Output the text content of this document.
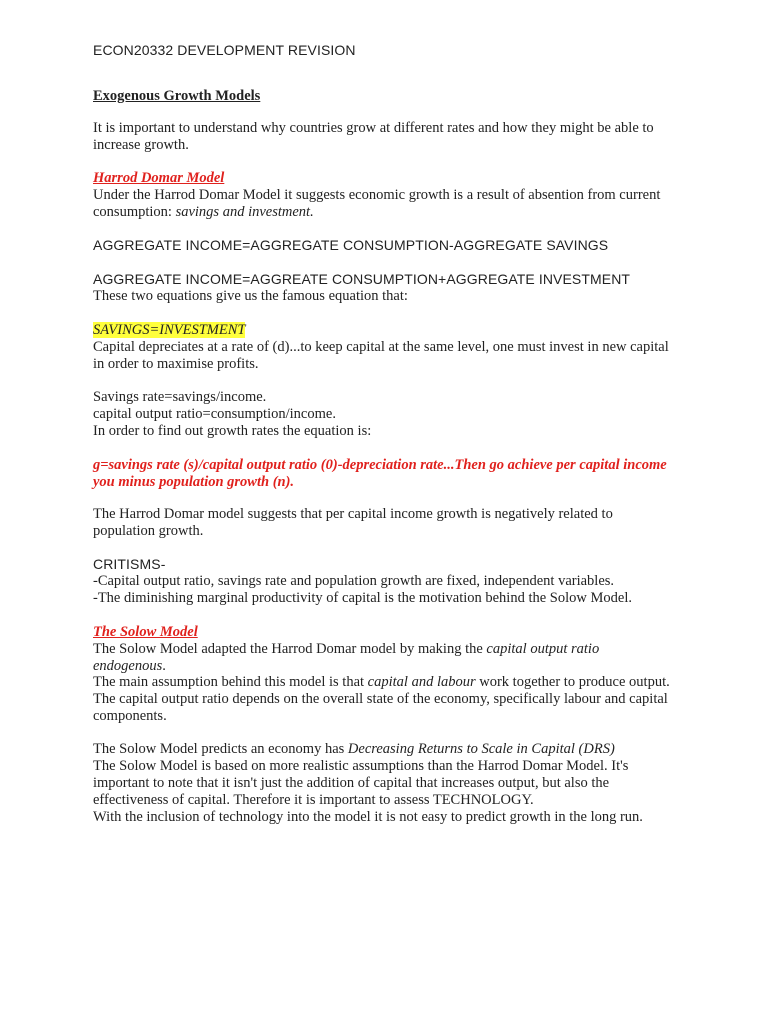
ECON20332 DEVELOPMENT REVISION
Exogenous Growth Models
It is important to understand why countries grow at different rates and how they might be able to increase growth.
Harrod Domar Model
Under the Harrod Domar Model it suggests economic growth is a result of absention from current consumption: savings and investment.
AGGREGATE INCOME=AGGREGATE CONSUMPTION-AGGREGATE SAVINGS
AGGREGATE INCOME=AGGREATE CONSUMPTION+AGGREGATE INVESTMENT
These two equations give us the famous equation that:
SAVINGS=INVESTMENT
Capital depreciates at a rate of (d)...to keep capital at the same level, one must invest in new capital in order to maximise profits.
Savings rate=savings/income.
capital output ratio=consumption/income.
In order to find out growth rates the equation is:
g=savings rate (s)/capital output ratio (0)-depreciation rate...Then go achieve per capital income you minus population growth (n).
The Harrod Domar model suggests that per capital income growth is negatively related to population growth.
CRITISMS-
-Capital output ratio, savings rate and population growth are fixed, independent variables.
-The diminishing marginal productivity of capital is the motivation behind the Solow Model.
The Solow Model
The Solow Model adapted the Harrod Domar model by making the capital output ratio endogenous.
The main assumption behind this model is that capital and labour work together to produce output. The capital output ratio depends on the overall state of the economy, specifically labour and capital components.
The Solow Model predicts an economy has Decreasing Returns to Scale in Capital (DRS)
The Solow Model is based on more realistic assumptions than the Harrod Domar Model. It's important to note that it isn't just the addition of capital that increases output, but also the effectiveness of capital. Therefore it is important to assess TECHNOLOGY.
With the inclusion of technology into the model it is not easy to predict growth in the long run.
